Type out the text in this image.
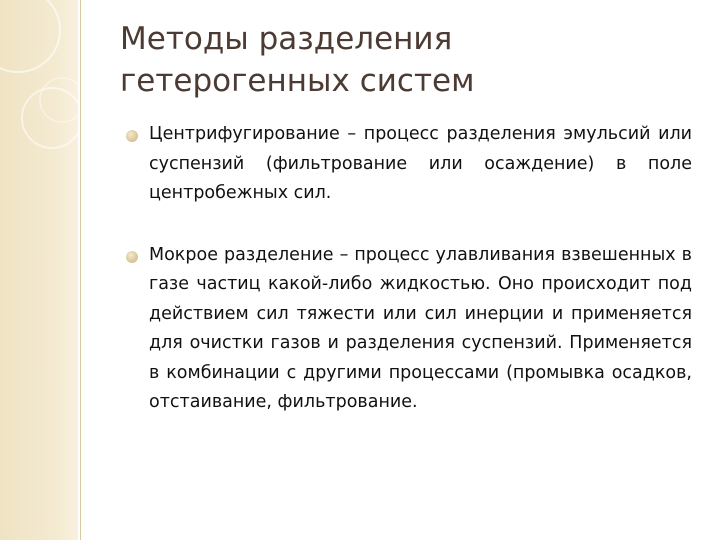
Методы разделения
гетерогенных систем
Центрифугирование – процесс разделения эмульсий или суспензий (фильтрование или осаждение) в поле центробежных сил.
Мокрое разделение – процесс улавливания взвешенных в газе частиц какой-либо жидкостью. Оно происходит под действием сил тяжести или сил инерции и применяется для очистки газов и разделения суспензий. Применяется в комбинации с другими процессами (промывка осадков, отстаивание, фильтрование.
